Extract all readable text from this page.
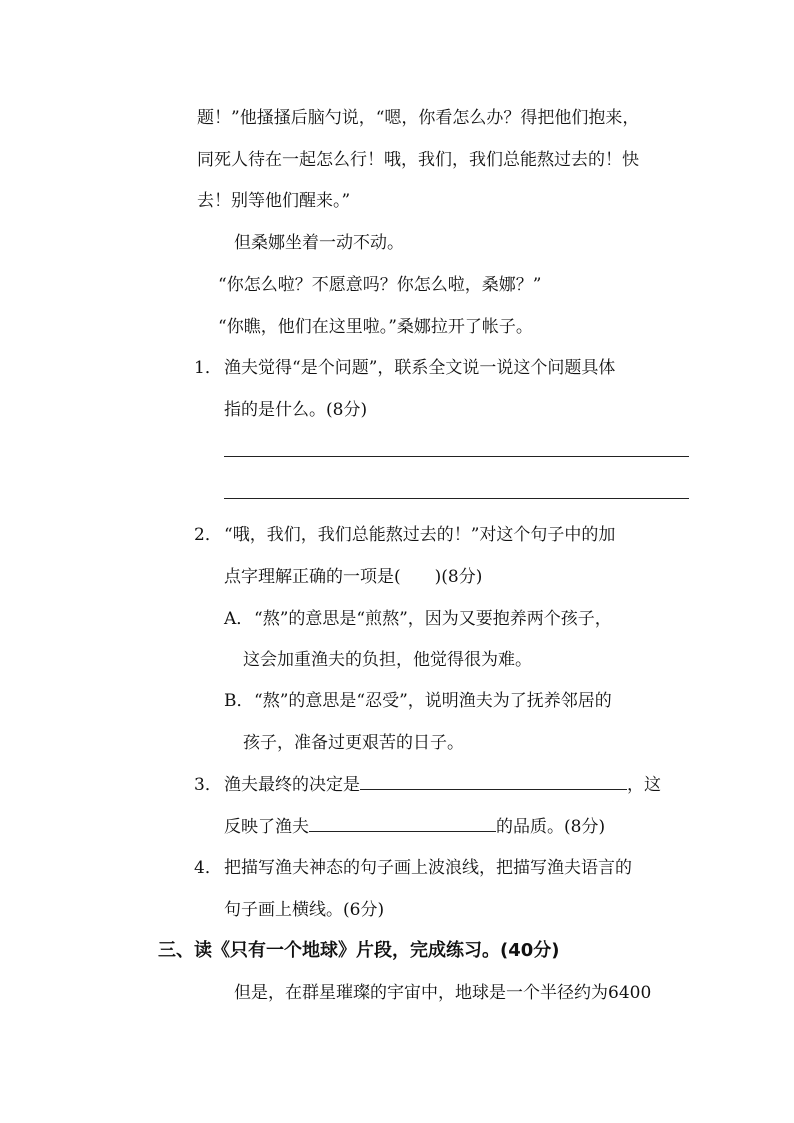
题！”他搔搔后脑勺说，“嗯，你看怎么办？得把他们抱来，
同死人待在一起怎么行！哦，我们，我们总能熬过去的！快
去！别等他们醒来。”
但桑娜坐着一动不动。
“你怎么啦？不愿意吗？你怎么啦，桑娜？”
“你瞧，他们在这里啦。”桑娜拉开了帐子。
1． 渔夫觉得“是个问题”，联系全文说一说这个问题具体
指的是什么。(8分)
2． “哦，我们，我们总能熬过去的！”对这个句子中的加
点字理解正确的一项是( )(8分)
A． “熬”的意思是“煎熬”，因为又要抱养两个孩子，
这会加重渔夫的负担，他觉得很为难。
B． “熬”的意思是“忍受”，说明渔夫为了抚养邻居的
孩子，准备过更艰苦的日子。
3． 渔夫最终的决定是	，这
反映了渔夫	的品质。(8分)
4． 把描写渔夫神态的句子画上波浪线，把描写渔夫语言的
句子画上横线。(6分)
三、读《只有一个地球》片段，完成练习。(40分)
但是，在群星璀璨的宇宙中，地球是一个半径约为6400
